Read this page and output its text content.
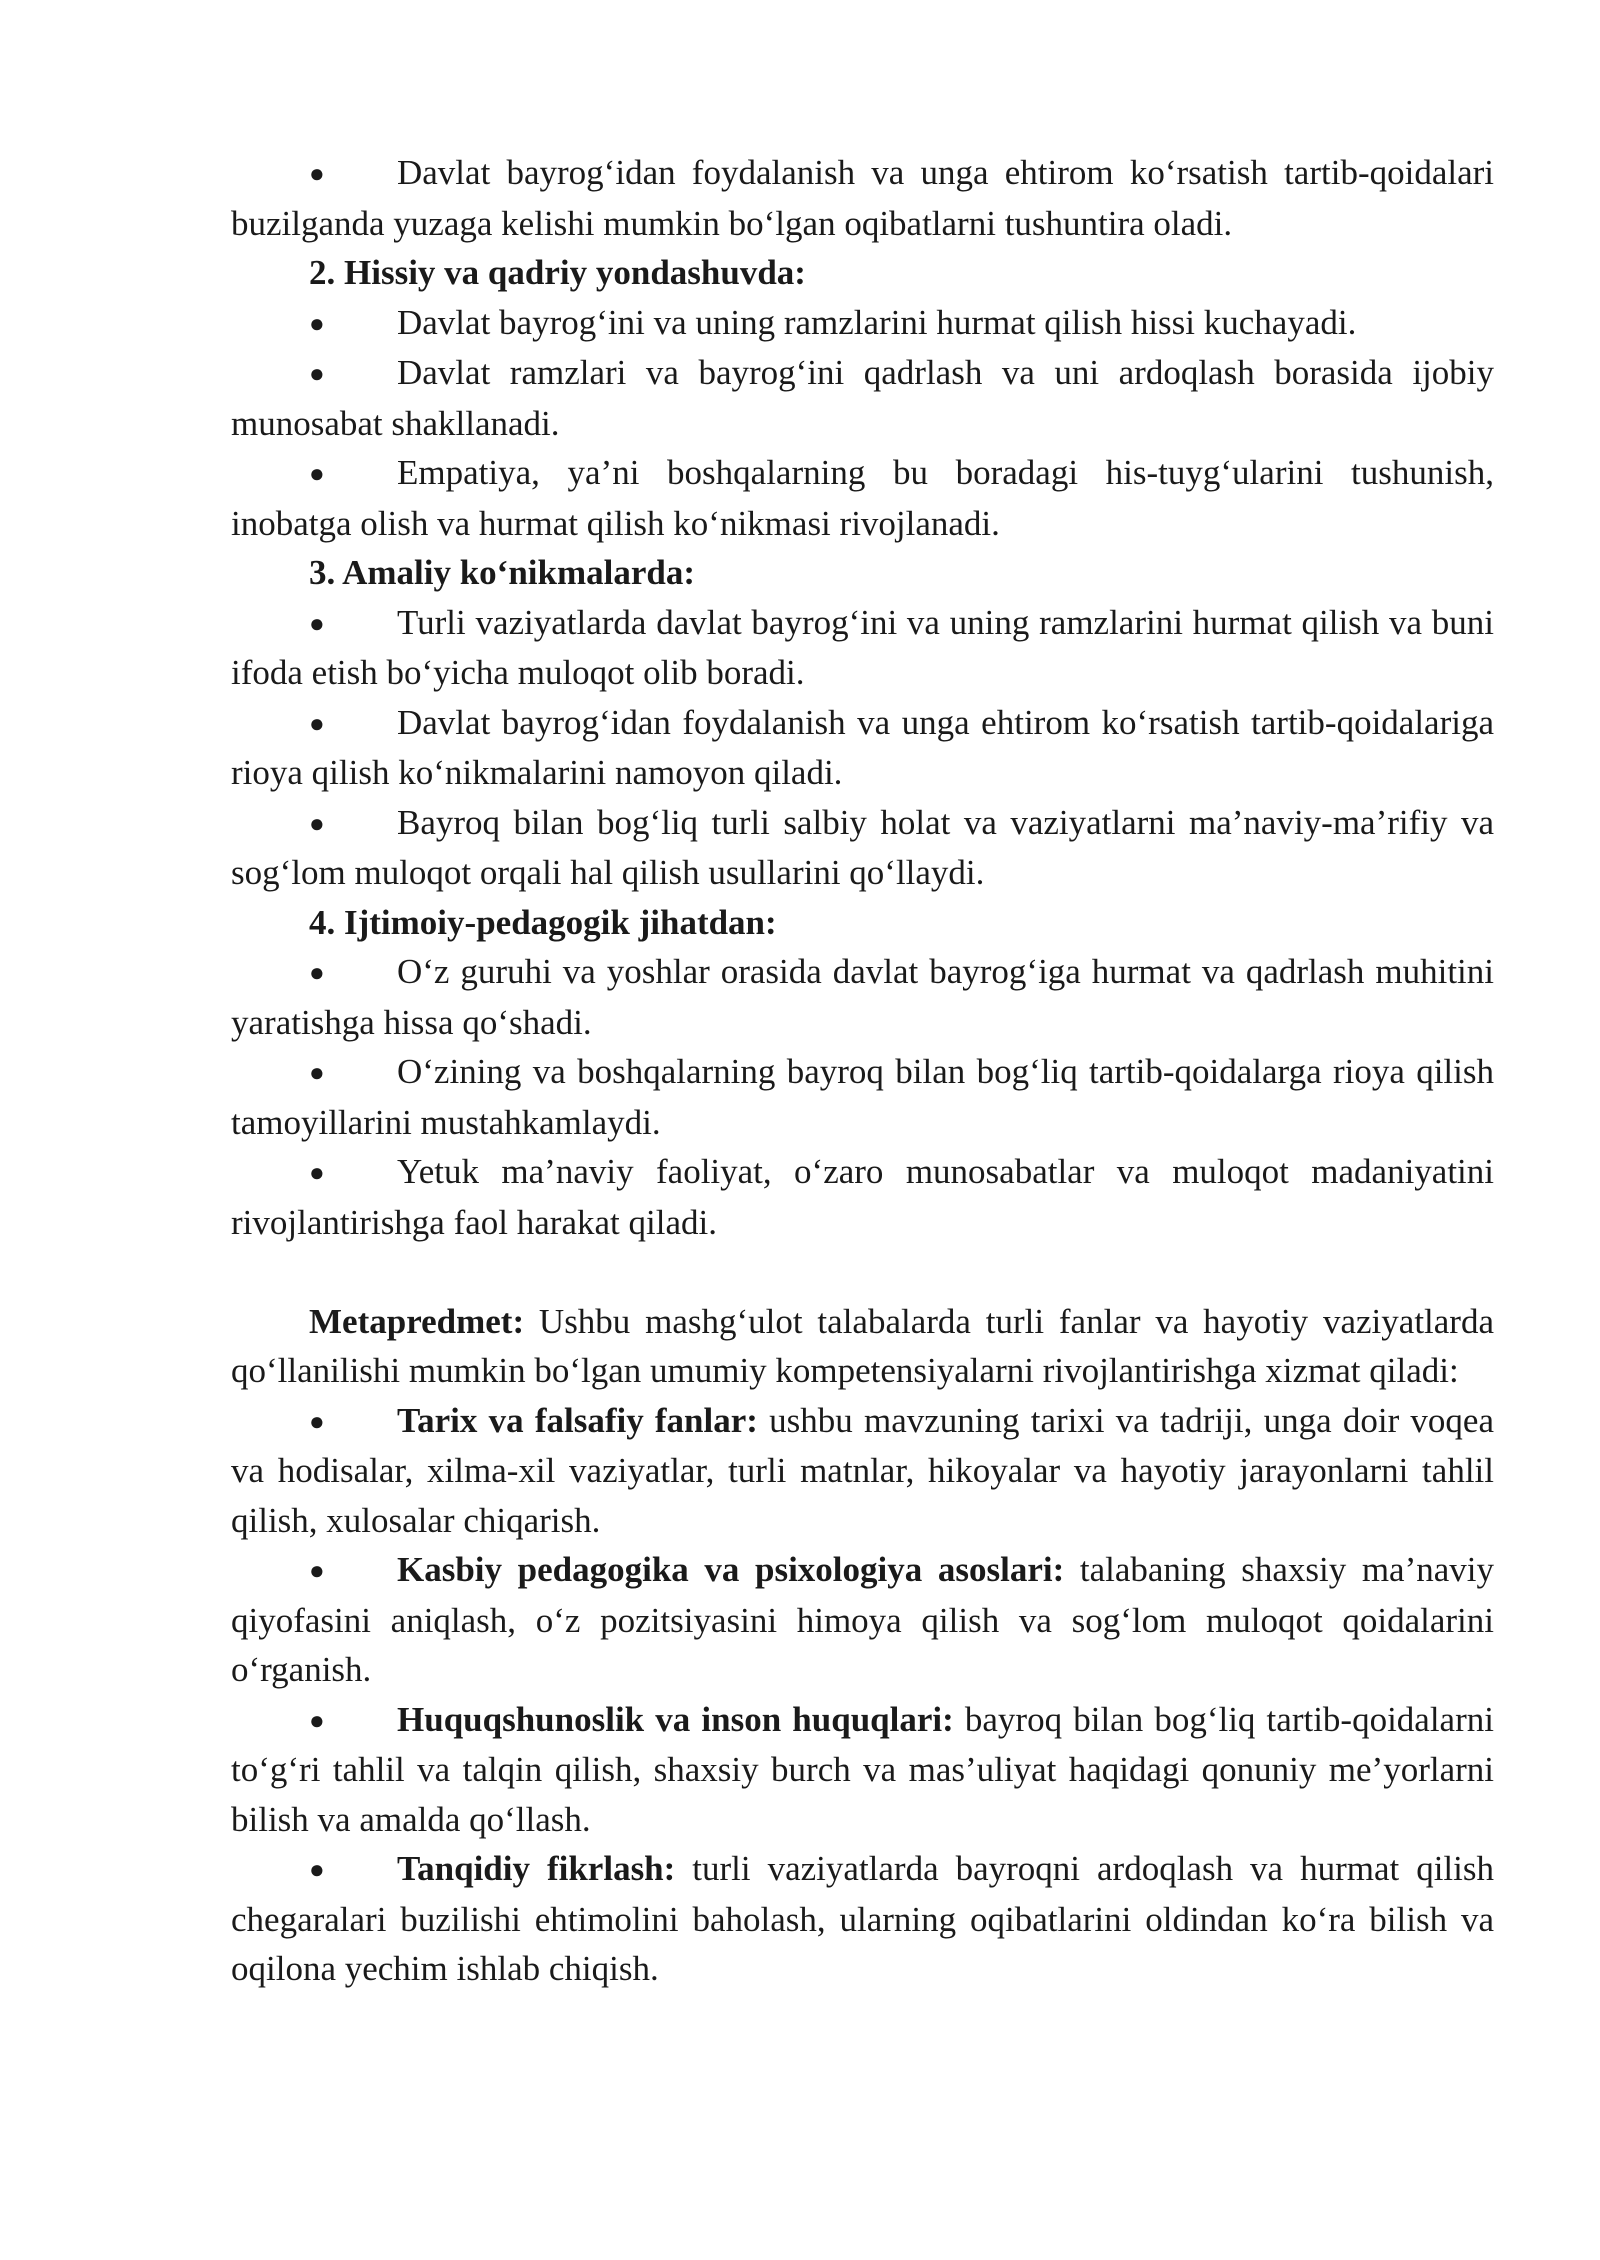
● Davlat bayrog‘idan foydalanish va unga ehtirom ko‘rsatish tartib-qoidalari buzilganda yuzaga kelishi mumkin bo‘lgan oqibatlarni tushuntira oladi.

2. Hissiy va qadriy yondashuvda:

● Davlat bayrog‘ini va uning ramzlarini hurmat qilish hissi kuchayadi.

● Davlat ramzlari va bayrog‘ini qadrlash va uni ardoqlash borasida ijobiy munosabat shakllanadi.

● Empatiya, ya’ni boshqalarning bu boradagi his-tuyg‘ularini tushunish, inobatga olish va hurmat qilish ko‘nikmasi rivojlanadi.

3. Amaliy ko‘nikmalarda:

● Turli vaziyatlarda davlat bayrog‘ini va uning ramzlarini hurmat qilish va buni ifoda etish bo‘yicha muloqot olib boradi.

● Davlat bayrog‘idan foydalanish va unga ehtirom ko‘rsatish tartib-qoidalariga rioya qilish ko‘nikmalarini namoyon qiladi.

● Bayroq bilan bog‘liq turli salbiy holat va vaziyatlarni ma’naviy-ma’rifiy va sog‘lom muloqot orqali hal qilish usullarini qo‘llaydi.

4. Ijtimoiy-pedagogik jihatdan:

● O‘z guruhi va yoshlar orasida davlat bayrog‘iga hurmat va qadrlash muhitini yaratishga hissa qo‘shadi.

● O‘zining va boshqalarning bayroq bilan bog‘liq tartib-qoidalarga rioya qilish tamoyillarini mustahkamlaydi.

● Yetuk ma’naviy faoliyat, o‘zaro munosabatlar va muloqot madaniyatini rivojlantirishga faol harakat qiladi.

Metapredmet: Ushbu mashg‘ulot talabalarda turli fanlar va hayotiy vaziyatlarda qo‘llanilishi mumkin bo‘lgan umumiy kompetensiyalarni rivojlantirishga xizmat qiladi:

● Tarix va falsafiy fanlar: ushbu mavzuning tarixi va tadriji, unga doir voqea va hodisalar, xilma-xil vaziyatlar, turli matnlar, hikoyalar va hayotiy jarayonlarni tahlil qilish, xulosalar chiqarish.

● Kasbiy pedagogika va psixologiya asoslari: talabaning shaxsiy ma’naviy qiyofasini aniqlash, o‘z pozitsiyasini himoya qilish va sog‘lom muloqot qoidalarini o‘rganish.

● Huquqshunoslik va inson huquqlari: bayroq bilan bog‘liq tartib-qoidalarni to‘g‘ri tahlil va talqin qilish, shaxsiy burch va mas’uliyat haqidagi qonuniy me’yorlarni bilish va amalda qo‘llash.

● Tanqidiy fikrlash: turli vaziyatlarda bayroqni ardoqlash va hurmat qilish chegaralari buzilishi ehtimolini baholash, ularning oqibatlarini oldindan ko‘ra bilish va oqilona yechim ishlab chiqish.
